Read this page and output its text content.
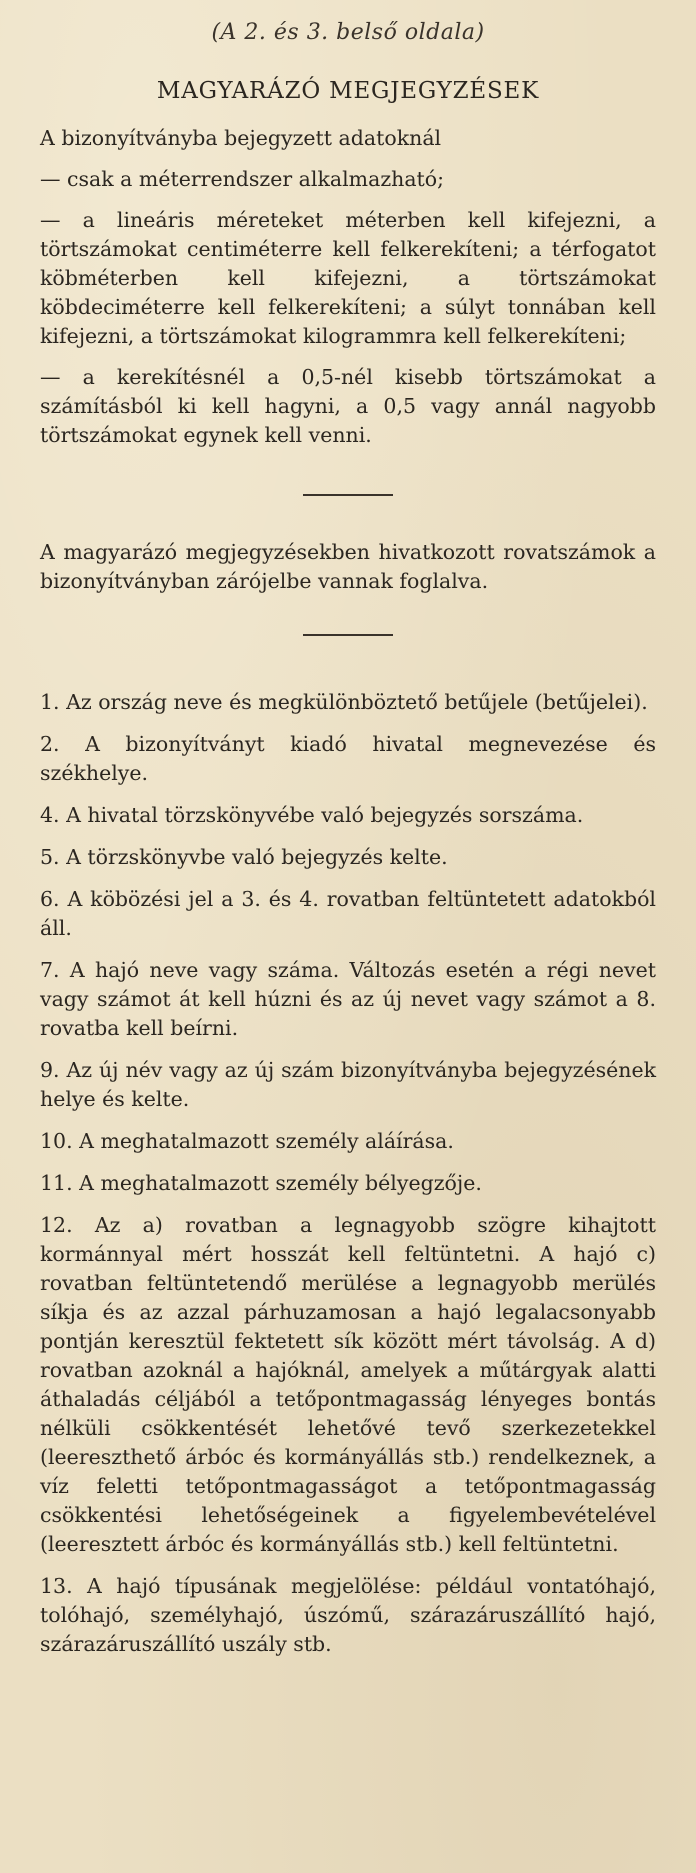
(A 2. és 3. belső oldala)
MAGYARÁZÓ MEGJEGYZÉSEK

A bizonyítványba bejegyzett adatoknál

— csak a méterrendszer alkalmazható;

— a lineáris méreteket méterben kell kifejezni, a törtszámokat centiméterre kell felkerekíteni; a térfogatot köbméterben kell kifejezni, a törtszámokat köbdeciméterre kell felkerekíteni; a súlyt tonnában kell kifejezni, a törtszámokat kilogrammra kell felkerekíteni;

— a kerekítésnél a 0,5-nél kisebb törtszámokat a számításból ki kell hagyni, a 0,5 vagy annál nagyobb törtszámokat egynek kell venni.

A magyarázó megjegyzésekben hivatkozott rovatszámok a bizonyítványban zárójelbe vannak foglalva.

1. Az ország neve és megkülönböztető betűjele (betűjelei).

2. A bizonyítványt kiadó hivatal megnevezése és székhelye.

4. A hivatal törzskönyvébe való bejegyzés sorszáma.

5. A törzskönyvbe való bejegyzés kelte.

6. A köbözési jel a 3. és 4. rovatban feltüntetett adatokból áll.

7. A hajó neve vagy száma. Változás esetén a régi nevet vagy számot át kell húzni és az új nevet vagy számot a 8. rovatba kell beírni.

9. Az új név vagy az új szám bizonyítványba bejegyzésének helye és kelte.

10. A meghatalmazott személy aláírása.

11. A meghatalmazott személy bélyegzője.

12. Az a) rovatban a legnagyobb szögre kihajtott kormánnyal mért hosszát kell feltüntetni. A hajó c) rovatban feltüntetendő merülése a legnagyobb merülés síkja és az azzal párhuzamosan a hajó legalacsonyabb pontján keresztül fektetett sík között mért távolság. A d) rovatban azoknál a hajóknál, amelyek a műtárgyak alatti áthaladás céljából a tetőpontmagasság lényeges bontás nélküli csökkentését lehetővé tevő szerkezetekkel (leereszthető árbóc és kormányállás stb.) rendelkeznek, a víz feletti tetőpontmagasságot a tetőpontmagasság csökkentési lehetőségeinek a figyelembevételével (leeresztett árbóc és kormányállás stb.) kell feltüntetni.

13. A hajó típusának megjelölése: például vontatóhajó, tolóhajó, személyhajó, úszómű, szárazáruszállító hajó, szárazáruszállító uszály stb.
